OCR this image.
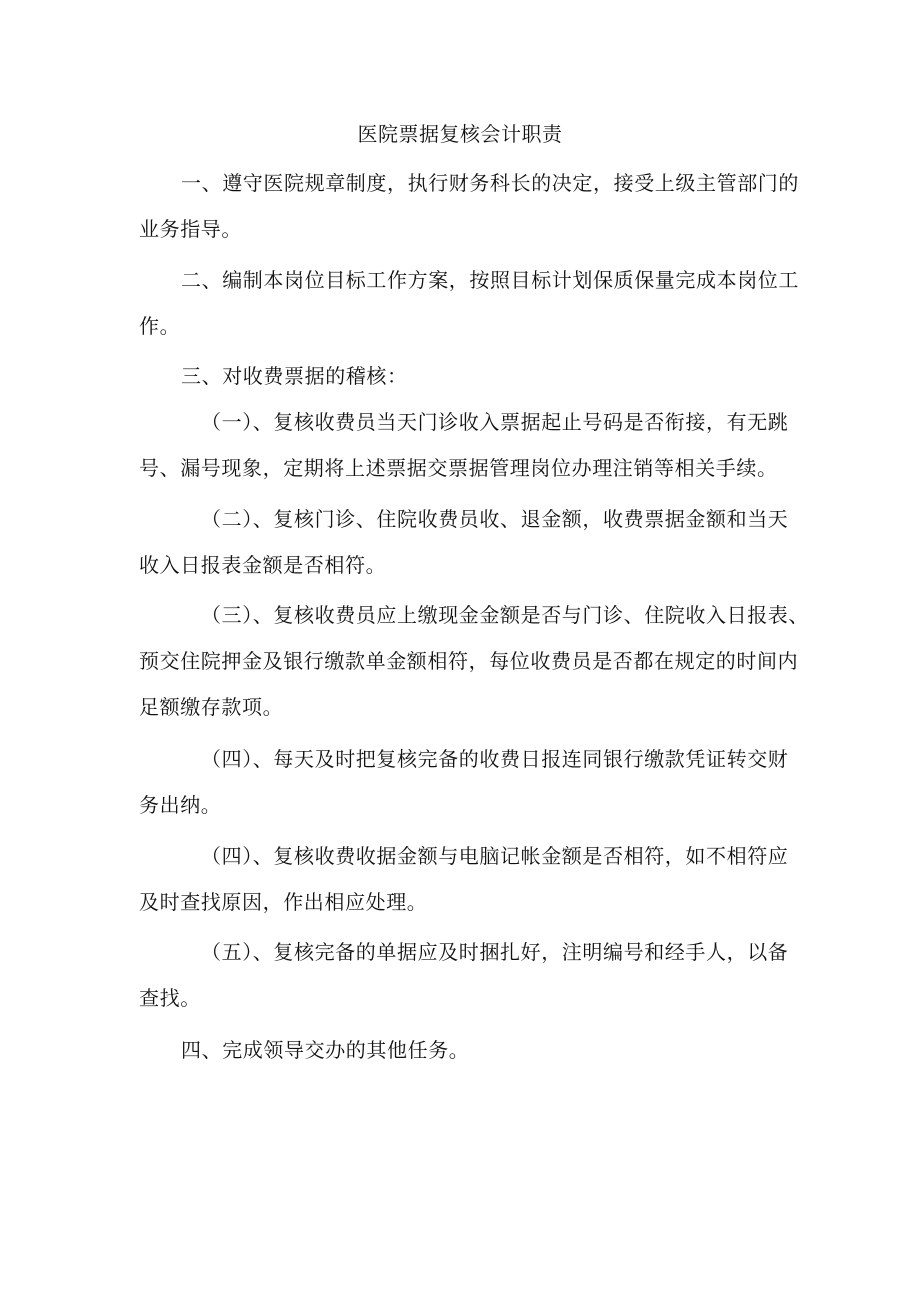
医院票据复核会计职责
一、遵守医院规章制度，执行财务科长的决定，接受上级主管部门的
业务指导。
二、编制本岗位目标工作方案，按照目标计划保质保量完成本岗位工
作。
三、对收费票据的稽核：
（一）、复核收费员当天门诊收入票据起止号码是否衔接，有无跳
号、漏号现象，定期将上述票据交票据管理岗位办理注销等相关手续。
（二）、复核门诊、住院收费员收、退金额，收费票据金额和当天
收入日报表金额是否相符。
（三）、复核收费员应上缴现金金额是否与门诊、住院收入日报表、
预交住院押金及银行缴款单金额相符，每位收费员是否都在规定的时间内
足额缴存款项。
（四）、每天及时把复核完备的收费日报连同银行缴款凭证转交财
务出纳。
（四）、复核收费收据金额与电脑记帐金额是否相符，如不相符应
及时查找原因，作出相应处理。
（五）、复核完备的单据应及时捆扎好，注明编号和经手人，以备
查找。
四、完成领导交办的其他任务。
